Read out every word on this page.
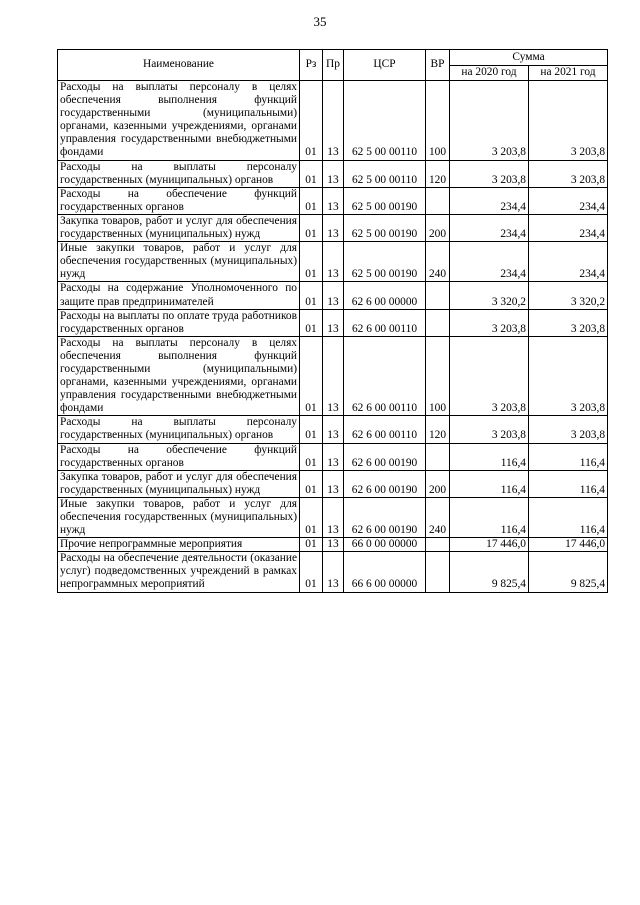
35
Наименование	Рз	Пр	ЦСР	ВР	Сумма	
					на 2020 год	на 2021 год
Расходы на выплаты персоналу в целях обеспечения выполнения функций государственными (муниципальными) органами, казенными учреждениями, органами управления государственными внебюджетными фондами	01	13	62 5 00 00110	100	3 203,8	3 203,8
Расходы на выплаты персоналу государственных (муниципальных) органов	01	13	62 5 00 00110	120	3 203,8	3 203,8
Расходы на обеспечение функций государственных органов	01	13	62 5 00 00190		234,4	234,4
Закупка товаров, работ и услуг для обеспечения государственных (муниципальных) нужд	01	13	62 5 00 00190	200	234,4	234,4
Иные закупки товаров, работ и услуг для обеспечения государственных (муниципальных) нужд	01	13	62 5 00 00190	240	234,4	234,4
Расходы на содержание Уполномоченного по защите прав предпринимателей	01	13	62 6 00 00000		3 320,2	3 320,2
Расходы на выплаты по оплате труда работников государственных органов	01	13	62 6 00 00110		3 203,8	3 203,8
Расходы на выплаты персоналу в целях обеспечения выполнения функций государственными (муниципальными) органами, казенными учреждениями, органами управления государственными внебюджетными фондами	01	13	62 6 00 00110	100	3 203,8	3 203,8
Расходы на выплаты персоналу государственных (муниципальных) органов	01	13	62 6 00 00110	120	3 203,8	3 203,8
Расходы на обеспечение функций государственных органов	01	13	62 6 00 00190		116,4	116,4
Закупка товаров, работ и услуг для обеспечения государственных (муниципальных) нужд	01	13	62 6 00 00190	200	116,4	116,4
Иные закупки товаров, работ и услуг для обеспечения государственных (муниципальных) нужд	01	13	62 6 00 00190	240	116,4	116,4
Прочие непрограммные мероприятия	01	13	66 0 00 00000		17 446,0	17 446,0
Расходы на обеспечение деятельности (оказание услуг) подведомственных учреждений в рамках непрограммных мероприятий	01	13	66 6 00 00000		9 825,4	9 825,4
